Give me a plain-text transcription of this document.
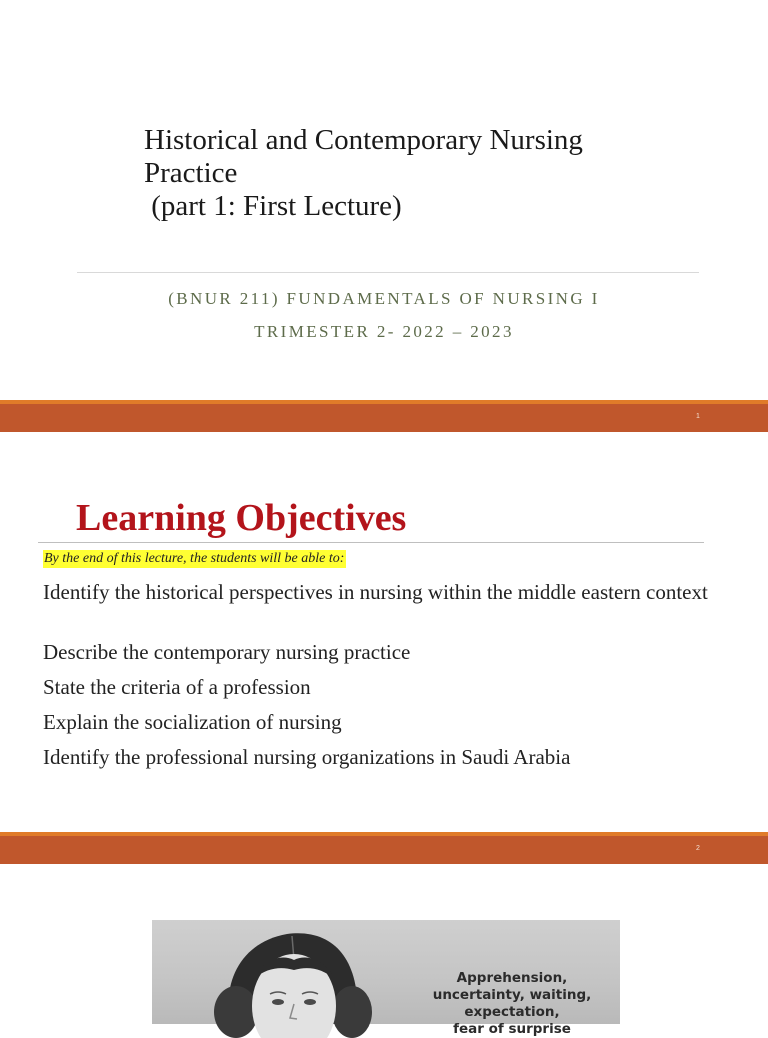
Historical and Contemporary Nursing
Practice
(part 1: First Lecture)
(BNUR 211) FUNDAMENTALS OF NURSING I
TRIMESTER 2- 2022 – 2023
1
Learning Objectives
By the end of this lecture, the students will be able to:
Identify the historical perspectives in nursing within the middle eastern context
Describe the contemporary nursing practice
State the criteria of a profession
Explain the socialization of nursing
Identify the professional nursing organizations in Saudi Arabia
2
Apprehension,
uncertainty, waiting,
expectation,
fear of surprise
